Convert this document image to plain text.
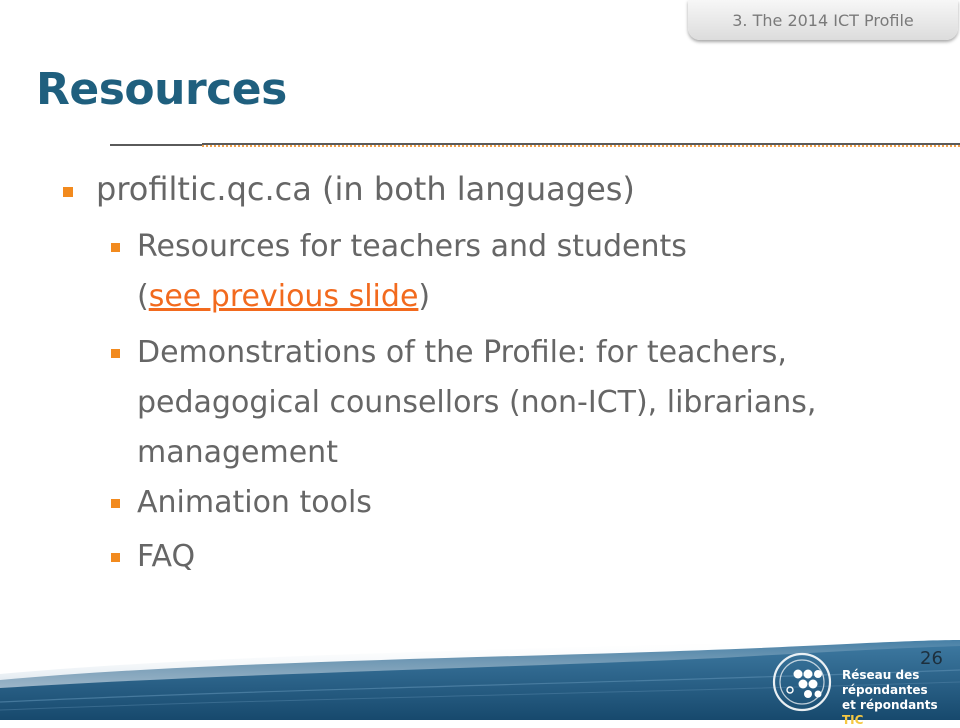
3. The 2014 ICT Profile
Resources
profiltic.qc.ca (in both languages)
Resources for teachers and students
(see previous slide)
Demonstrations of the Profile: for teachers,
pedagogical counsellors (non-ICT), librarians,
management
Animation tools
FAQ
26
Réseau des répondantes
et répondants TIC
